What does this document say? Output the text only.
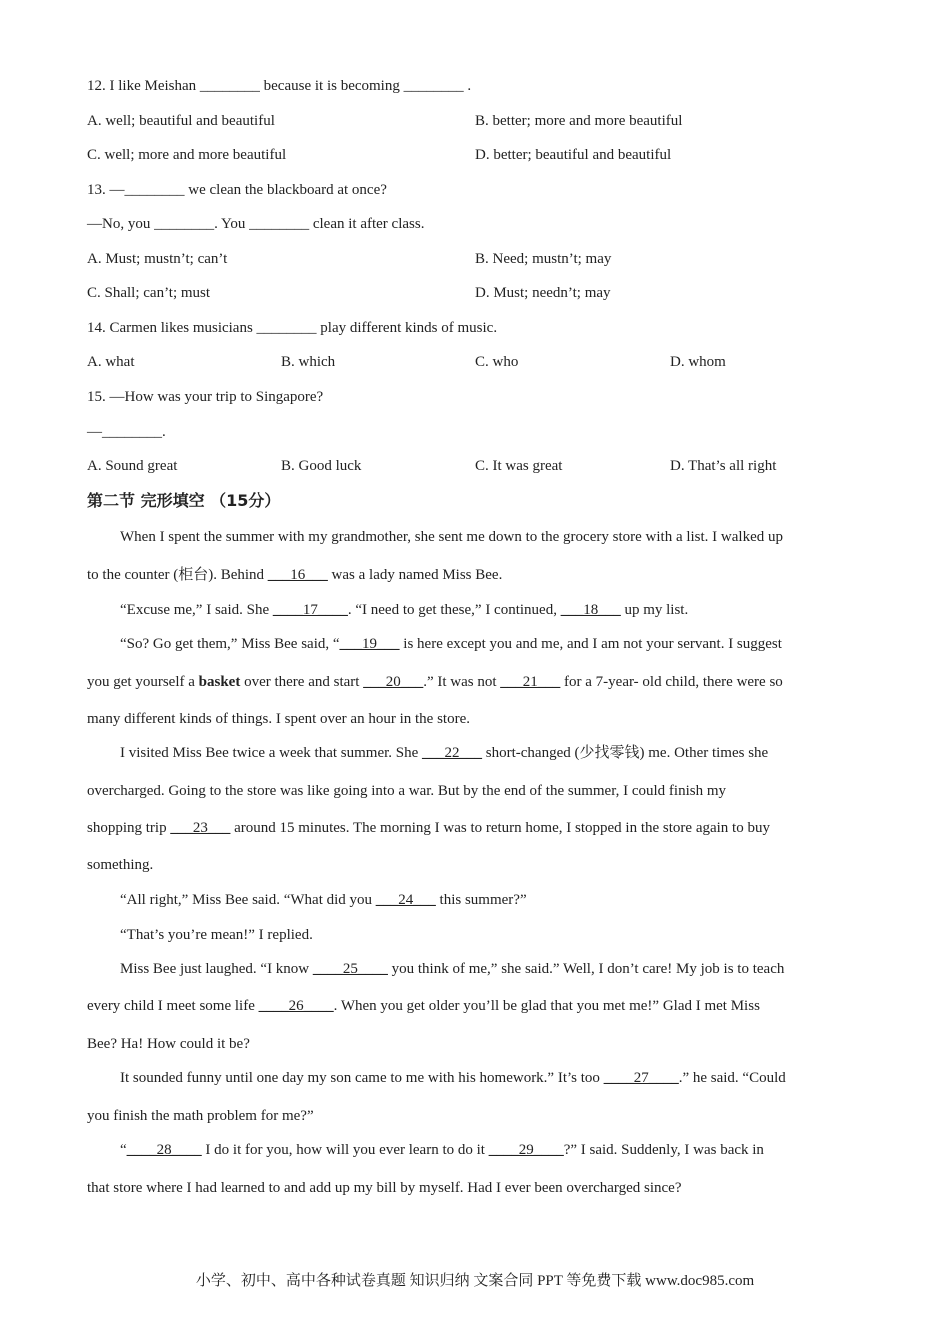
12. I like Meishan ________ because it is becoming ________ .
A. well; beautiful and beautiful	B. better; more and more beautiful
C. well; more and more beautiful	D. better; beautiful and beautiful
13. —________ we clean the blackboard at once?
—No, you ________. You ________ clean it after class.
A. Must; mustn’t; can’t	B. Need; mustn’t; may
C. Shall; can’t; must	D. Must; needn’t; may
14. Carmen likes musicians ________ play different kinds of music.
A. what	B. which	C. who	D. whom
15. —How was your trip to Singapore?
—________.
A. Sound great	B. Good luck	C. It was great	D. That’s all right
第二节 完形填空 （15分）
When I spent the summer with my grandmother, she sent me down to the grocery store with a list. I walked up
to the counter (柜台). Behind ___16___ was a lady named Miss Bee.
“Excuse me,” I said. She ____17____. “I need to get these,” I continued, ___18___ up my list.
“So? Go get them,” Miss Bee said, “___19___ is here except you and me, and I am not your servant. I suggest
you get yourself a basket over there and start ___20___.” It was not ___21___ for a 7-year- old child, there were so
many different kinds of things. I spent over an hour in the store.
I visited Miss Bee twice a week that summer. She ___22___ short-changed (少找零钱) me. Other times she
overcharged. Going to the store was like going into a war. But by the end of the summer, I could finish my
shopping trip ___23___ around 15 minutes. The morning I was to return home, I stopped in the store again to buy
something.
“All right,” Miss Bee said. “What did you ___24___ this summer?”
“That’s you’re mean!” I replied.
Miss Bee just laughed. “I know ____25____ you think of me,” she said.” Well, I don’t care! My job is to teach
every child I meet some life ____26____. When you get older you’ll be glad that you met me!” Glad I met Miss
Bee? Ha! How could it be?
It sounded funny until one day my son came to me with his homework.” It’s too ____27____.” he said. “Could
you finish the math problem for me?”
“____28____ I do it for you, how will you ever learn to do it ____29____?” I said. Suddenly, I was back in
that store where I had learned to and add up my bill by myself. Had I ever been overcharged since?
小学、初中、高中各种试卷真题 知识归纳 文案合同 PPT 等免费下载 www.doc985.com
